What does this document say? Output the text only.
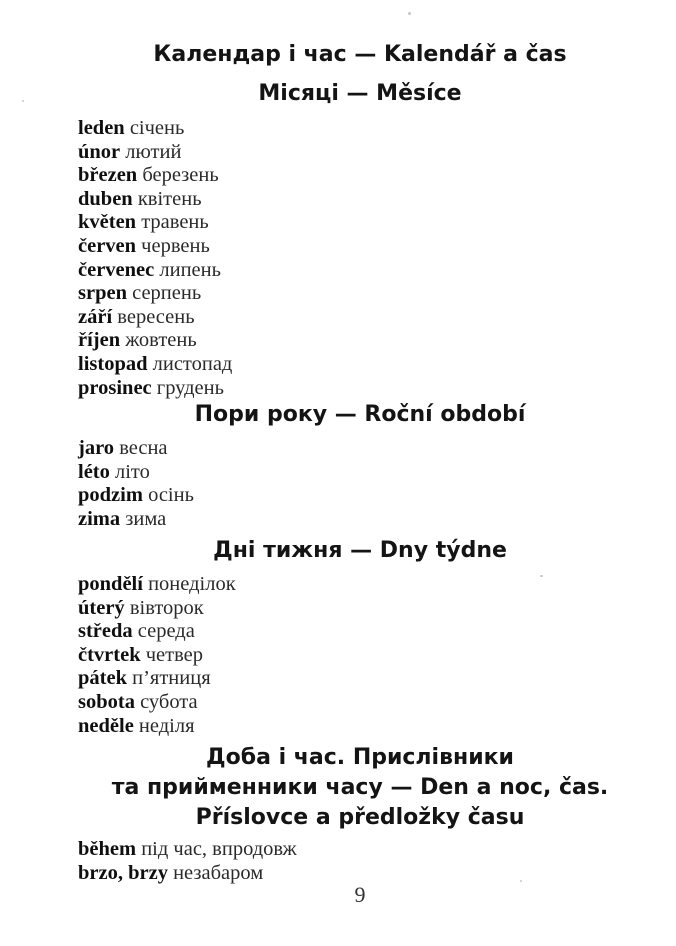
Календар і час — Kalendář a čas
Місяці — Měsíce
leden січень
únor лютий
březen березень
duben квітень
květen травень
červen червень
červenec липень
srpen серпень
září вересень
říjen жовтень
listopad листопад
prosinec грудень
Пори року — Roční období
jaro весна
léto літо
podzim осінь
zima зима
Дні тижня — Dny týdne
pondělí понеділок
úterý вівторок
středa середа
čtvrtek четвер
pátek п’ятниця
sobota субота
neděle неділя
Доба і час. Прислівники
та прийменники часу — Den a noc, čas.
Příslovce a předložky času
během під час, впродовж
brzo, brzy незабаром
9
